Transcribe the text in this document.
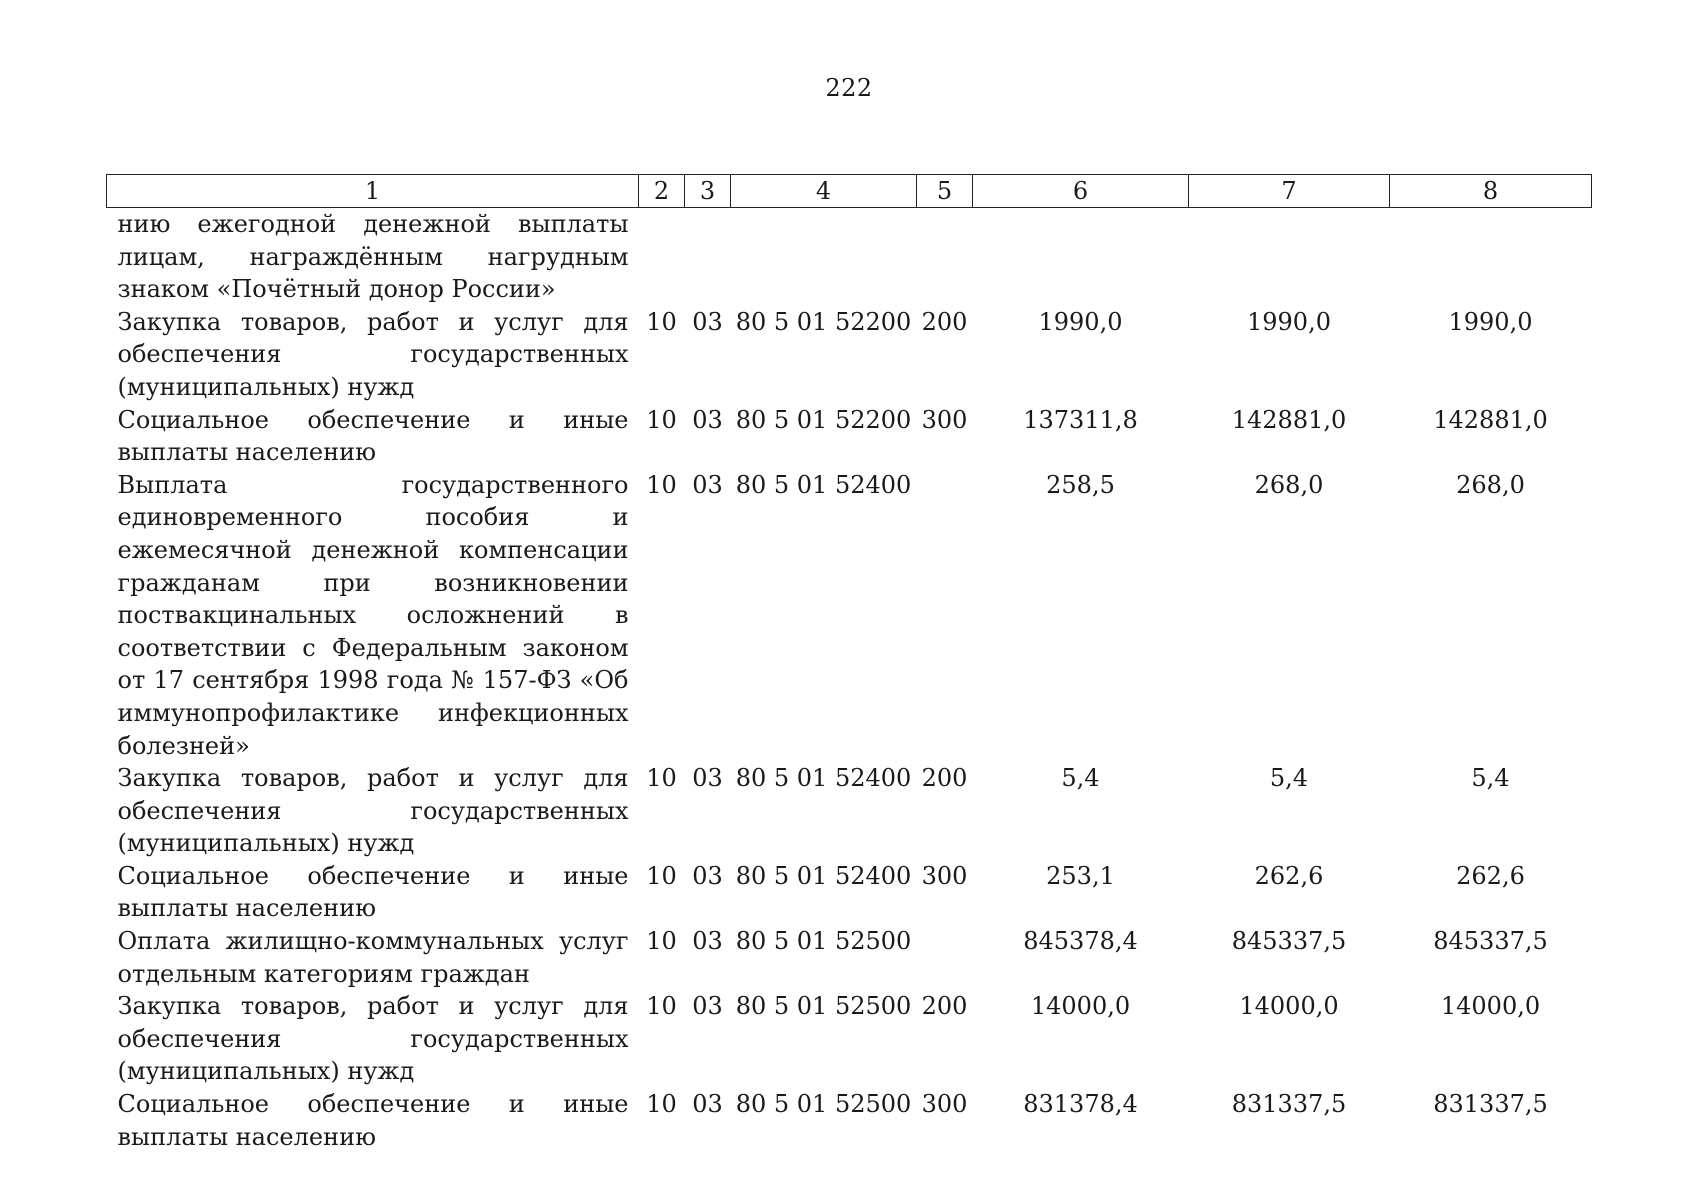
222
1	2	3	4	5	6	7	8
нию ежегодной денежной выплаты лицам, награждённым нагрудным знаком «Почётный донор России»							
Закупка товаров, работ и услуг для обеспечения государственных (муниципальных) нужд	10	03	80 5 01 52200	200	1990,0	1990,0	1990,0
Социальное обеспечение и иные выплаты населению	10	03	80 5 01 52200	300	137311,8	142881,0	142881,0
Выплата государственного единовременного пособия и ежемесячной денежной компенсации гражданам при возникновении поствакцинальных осложнений в соответствии с Федеральным законом от 17 сентября 1998 года № 157-ФЗ «Об иммунопрофилактике инфекционных болезней»	10	03	80 5 01 52400		258,5	268,0	268,0
Закупка товаров, работ и услуг для обеспечения государственных (муниципальных) нужд	10	03	80 5 01 52400	200	5,4	5,4	5,4
Социальное обеспечение и иные выплаты населению	10	03	80 5 01 52400	300	253,1	262,6	262,6
Оплата жилищно-коммунальных услуг отдельным категориям граждан	10	03	80 5 01 52500		845378,4	845337,5	845337,5
Закупка товаров, работ и услуг для обеспечения государственных (муниципальных) нужд	10	03	80 5 01 52500	200	14000,0	14000,0	14000,0
Социальное обеспечение и иные выплаты населению	10	03	80 5 01 52500	300	831378,4	831337,5	831337,5
